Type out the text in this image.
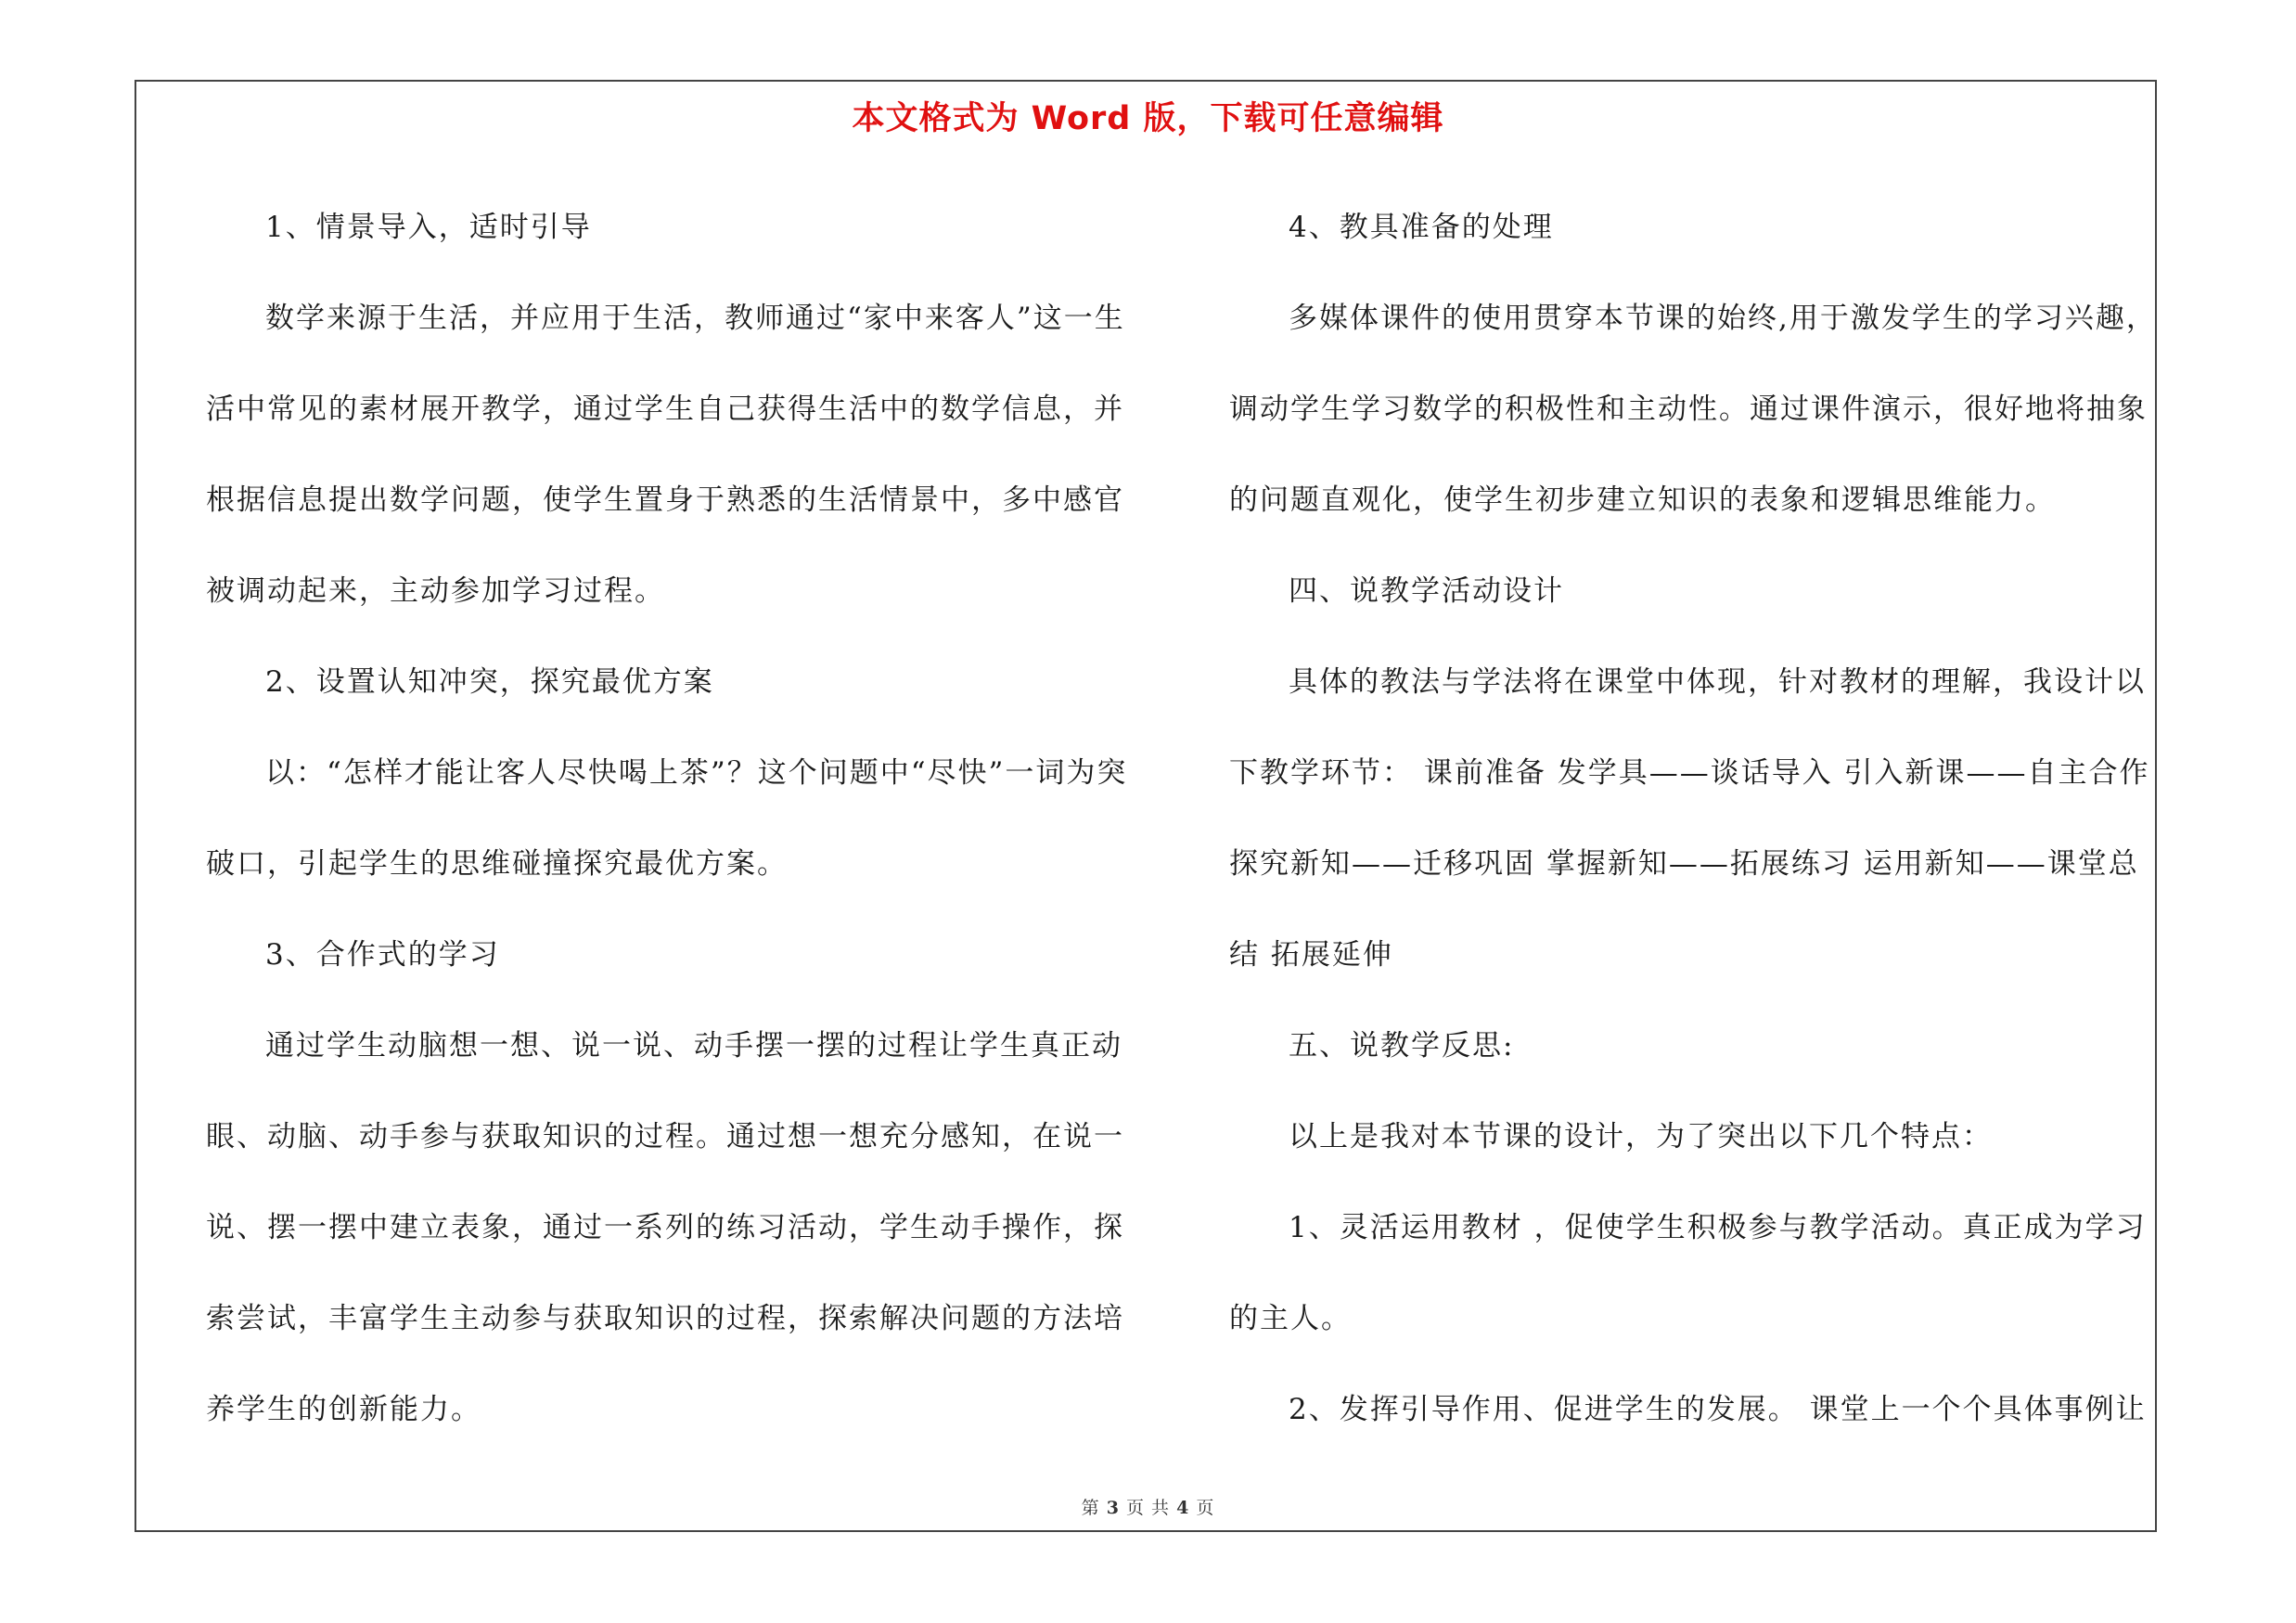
本文格式为 Word 版，下载可任意编辑

1、情景导入，适时引导

数学来源于生活，并应用于生活，教师通过“家中来客人”这一生活中常见的素材展开教学，通过学生自己获得生活中的数学信息，并根据信息提出数学问题，使学生置身于熟悉的生活情景中，多中感官被调动起来，主动参加学习过程。

2、设置认知冲突，探究最优方案

以：“怎样才能让客人尽快喝上茶”？这个问题中“尽快”一词为突破口，引起学生的思维碰撞探究最优方案。

3、合作式的学习

通过学生动脑想一想、说一说、动手摆一摆的过程让学生真正动眼、动脑、动手参与获取知识的过程。通过想一想充分感知，在说一说、摆一摆中建立表象，通过一系列的练习活动，学生动手操作，探索尝试，丰富学生主动参与获取知识的过程，探索解决问题的方法培养学生的创新能力。

4、教具准备的处理

多媒体课件的使用贯穿本节课的始终,用于激发学生的学习兴趣，调动学生学习数学的积极性和主动性。通过课件演示，很好地将抽象的问题直观化，使学生初步建立知识的表象和逻辑思维能力。

四、说教学活动设计

具体的教法与学法将在课堂中体现，针对教材的理解，我设计以下教学环节： 课前准备 发学具——谈话导入 引入新课——自主合作 探究新知——迁移巩固 掌握新知——拓展练习 运用新知——课堂总结 拓展延伸

五、说教学反思:

以上是我对本节课的设计，为了突出以下几个特点：

1、灵活运用教材 ，促使学生积极参与教学活动。真正成为学习的主人。

2、发挥引导作用、促进学生的发展。 课堂上一个个具体事例让

第 3 页 共 4 页
